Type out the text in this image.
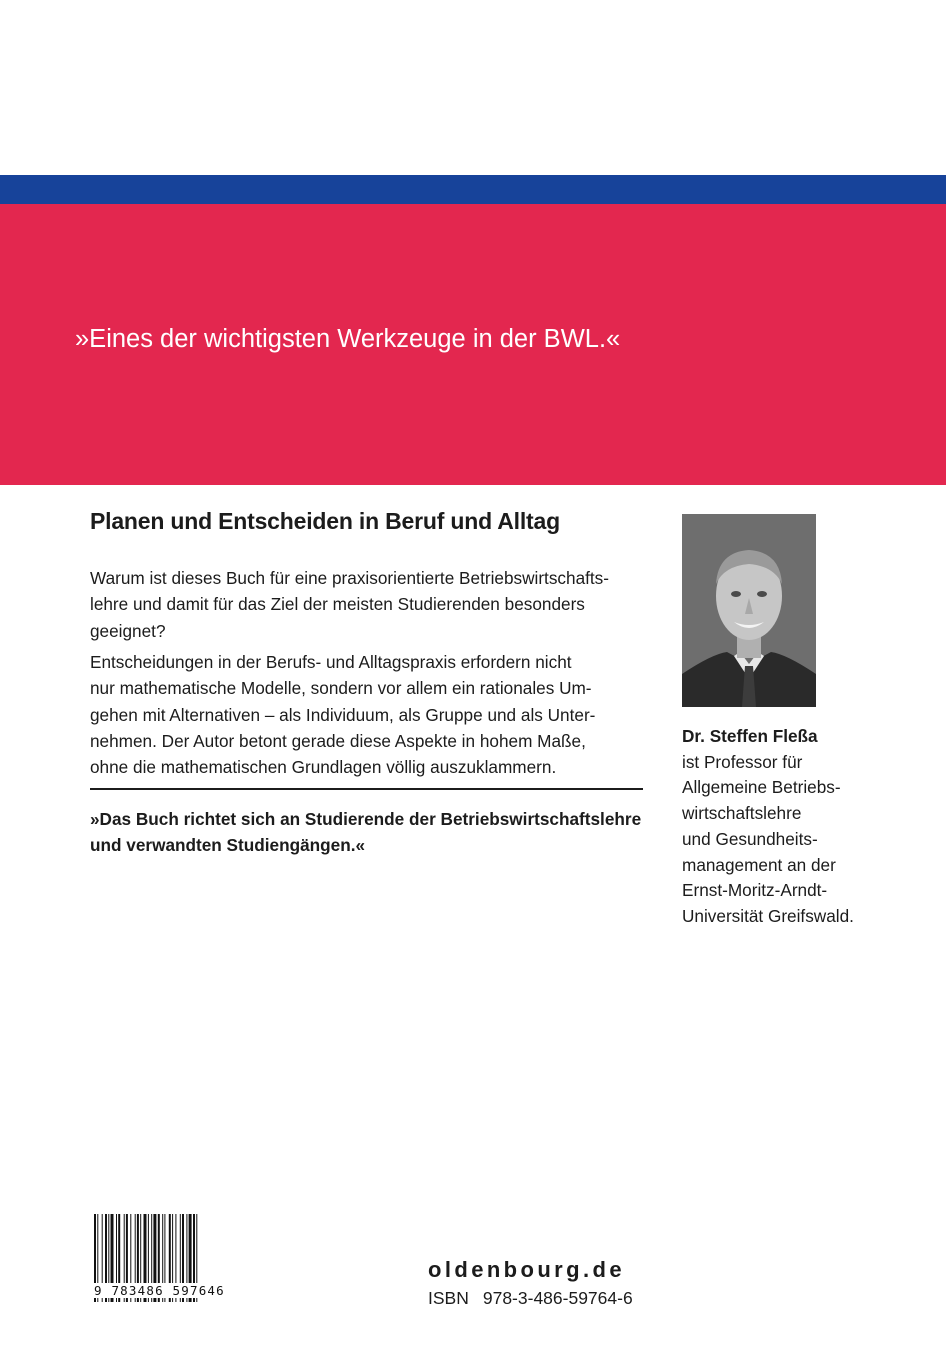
»Eines der wichtigsten Werkzeuge in der BWL.«

Planen und Entscheiden in Beruf und Alltag
Warum ist dieses Buch für eine praxisorientierte Betriebswirtschafts-
lehre und damit für das Ziel der meisten Studierenden besonders
geeignet?
Entscheidungen in der Berufs- und Alltagspraxis erfordern nicht
nur mathematische Modelle, sondern vor allem ein rationales Um-
gehen mit Alternativen – als Individuum, als Gruppe und als Unter-
nehmen. Der Autor betont gerade diese Aspekte in hohem Maße,
ohne die mathematischen Grundlagen völlig auszuklammern.
»Das Buch richtet sich an Studierende der Betriebswirtschaftslehre
und verwandten Studiengängen.«
Dr. Steffen Fleßa
ist Professor für
Allgemeine Betriebs-
wirtschaftslehre
und Gesundheits-
management an der
Ernst-Moritz-Arndt-
Universität Greifswald.
9 783486 597646

oldenbourg.de

ISBN 978-3-486-59764-6
